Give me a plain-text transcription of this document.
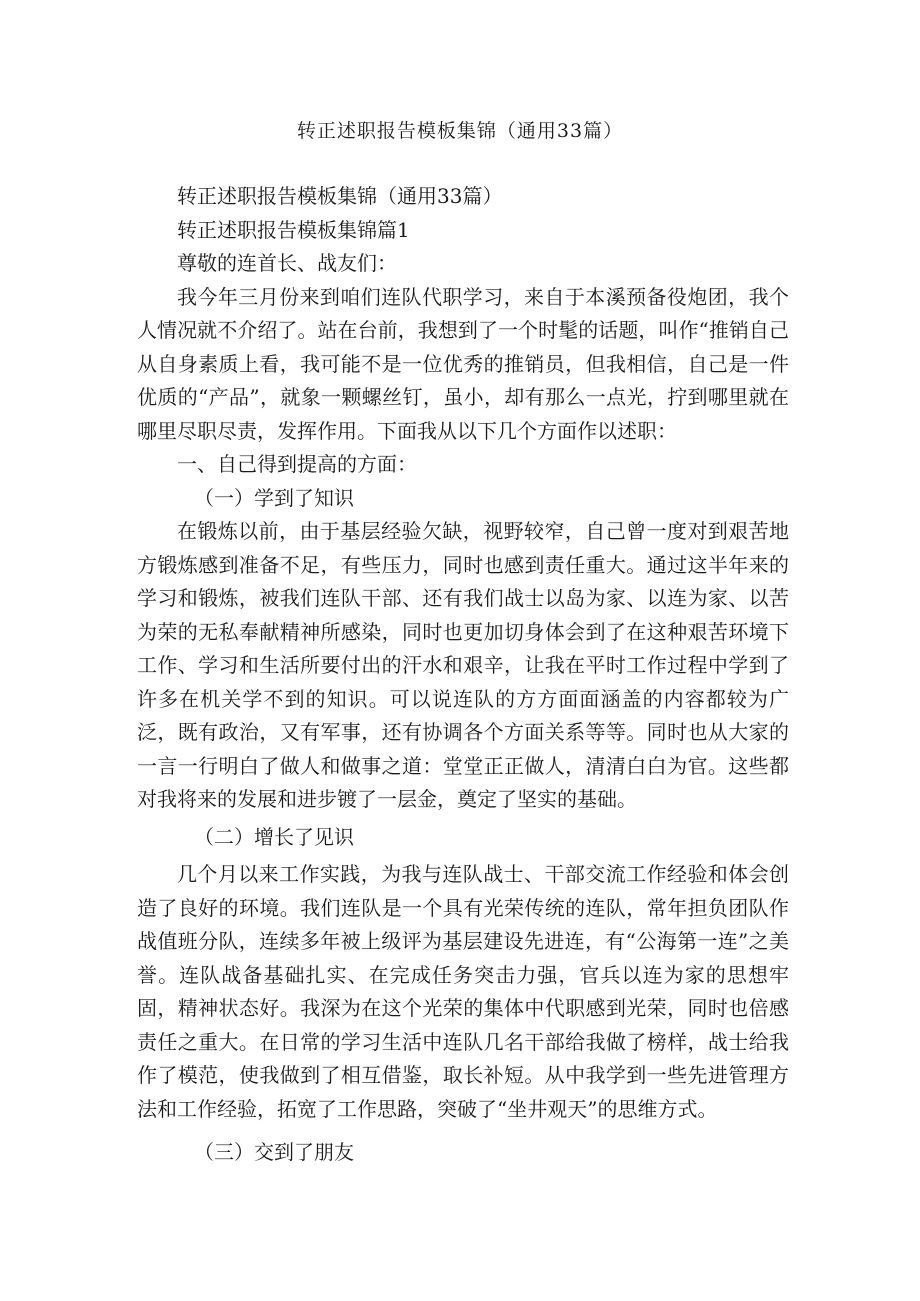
转正述职报告模板集锦（通用33篇）

转正述职报告模板集锦（通用33篇）

转正述职报告模板集锦篇1

尊敬的连首长、战友们：

我今年三月份来到咱们连队代职学习，来自于本溪预备役炮团，我个人情况就不介绍了。站在台前，我想到了一个时髦的话题，叫作“推销自己从自身素质上看，我可能不是一位优秀的推销员，但我相信，自己是一件优质的“产品”，就象一颗螺丝钉，虽小，却有那么一点光，拧到哪里就在哪里尽职尽责，发挥作用。下面我从以下几个方面作以述职：

一、自己得到提高的方面：

（一）学到了知识

在锻炼以前，由于基层经验欠缺，视野较窄，自己曾一度对到艰苦地方锻炼感到准备不足，有些压力，同时也感到责任重大。通过这半年来的学习和锻炼，被我们连队干部、还有我们战士以岛为家、以连为家、以苦为荣的无私奉献精神所感染，同时也更加切身体会到了在这种艰苦环境下工作、学习和生活所要付出的汗水和艰辛，让我在平时工作过程中学到了许多在机关学不到的知识。可以说连队的方方面面涵盖的内容都较为广泛，既有政治，又有军事，还有协调各个方面关系等等。同时也从大家的一言一行明白了做人和做事之道：堂堂正正做人，清清白白为官。这些都对我将来的发展和进步镀了一层金，奠定了坚实的基础。

（二）增长了见识

几个月以来工作实践，为我与连队战士、干部交流工作经验和体会创造了良好的环境。我们连队是一个具有光荣传统的连队，常年担负团队作战值班分队，连续多年被上级评为基层建设先进连，有“公海第一连”之美誉。连队战备基础扎实、在完成任务突击力强，官兵以连为家的思想牢固，精神状态好。我深为在这个光荣的集体中代职感到光荣，同时也倍感责任之重大。在日常的学习生活中连队几名干部给我做了榜样，战士给我作了模范，使我做到了相互借鉴，取长补短。从中我学到一些先进管理方法和工作经验，拓宽了工作思路，突破了“坐井观天”的思维方式。

（三）交到了朋友
